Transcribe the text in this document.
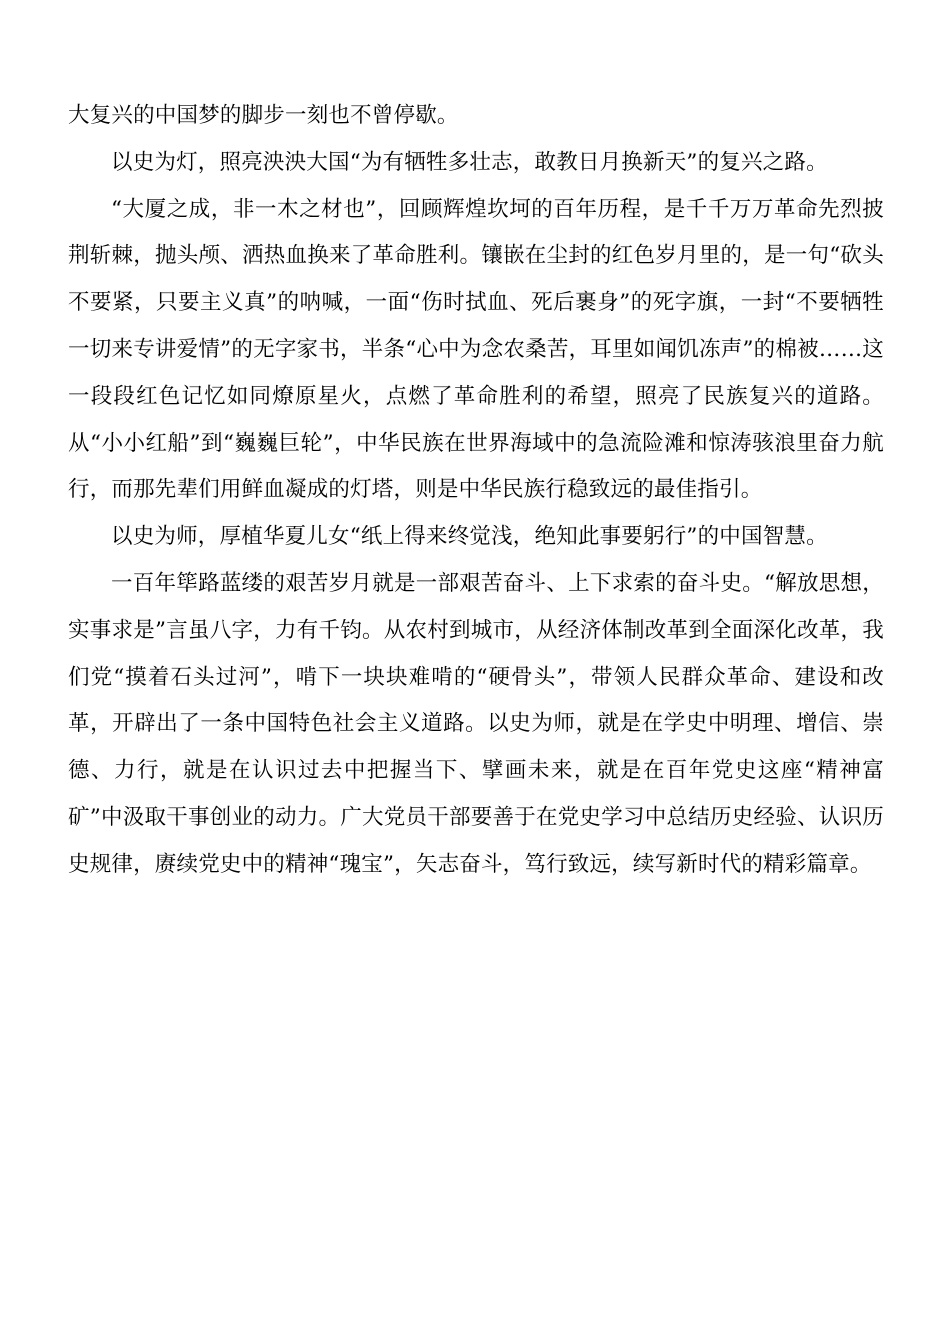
大复兴的中国梦的脚步一刻也不曾停歇。

以史为灯，照亮泱泱大国“为有牺牲多壮志，敢教日月换新天”的复兴之路。

“大厦之成，非一木之材也”，回顾辉煌坎坷的百年历程，是千千万万革命先烈披荆斩棘，抛头颅、洒热血换来了革命胜利。镶嵌在尘封的红色岁月里的，是一句“砍头不要紧，只要主义真”的呐喊，一面“伤时拭血、死后裹身”的死字旗，一封“不要牺牲一切来专讲爱情”的无字家书，半条“心中为念农桑苦，耳里如闻饥冻声”的棉被……这一段段红色记忆如同燎原星火，点燃了革命胜利的希望，照亮了民族复兴的道路。从“小小红船”到“巍巍巨轮”，中华民族在世界海域中的急流险滩和惊涛骇浪里奋力航行，而那先辈们用鲜血凝成的灯塔，则是中华民族行稳致远的最佳指引。

以史为师，厚植华夏儿女“纸上得来终觉浅，绝知此事要躬行”的中国智慧。

一百年筚路蓝缕的艰苦岁月就是一部艰苦奋斗、上下求索的奋斗史。“解放思想，实事求是”言虽八字，力有千钧。从农村到城市，从经济体制改革到全面深化改革，我们党“摸着石头过河”，啃下一块块难啃的“硬骨头”，带领人民群众革命、建设和改革，开辟出了一条中国特色社会主义道路。以史为师，就是在学史中明理、增信、崇德、力行，就是在认识过去中把握当下、擘画未来，就是在百年党史这座“精神富矿”中汲取干事创业的动力。广大党员干部要善于在党史学习中总结历史经验、认识历史规律，赓续党史中的精神“瑰宝”，矢志奋斗，笃行致远，续写新时代的精彩篇章。
